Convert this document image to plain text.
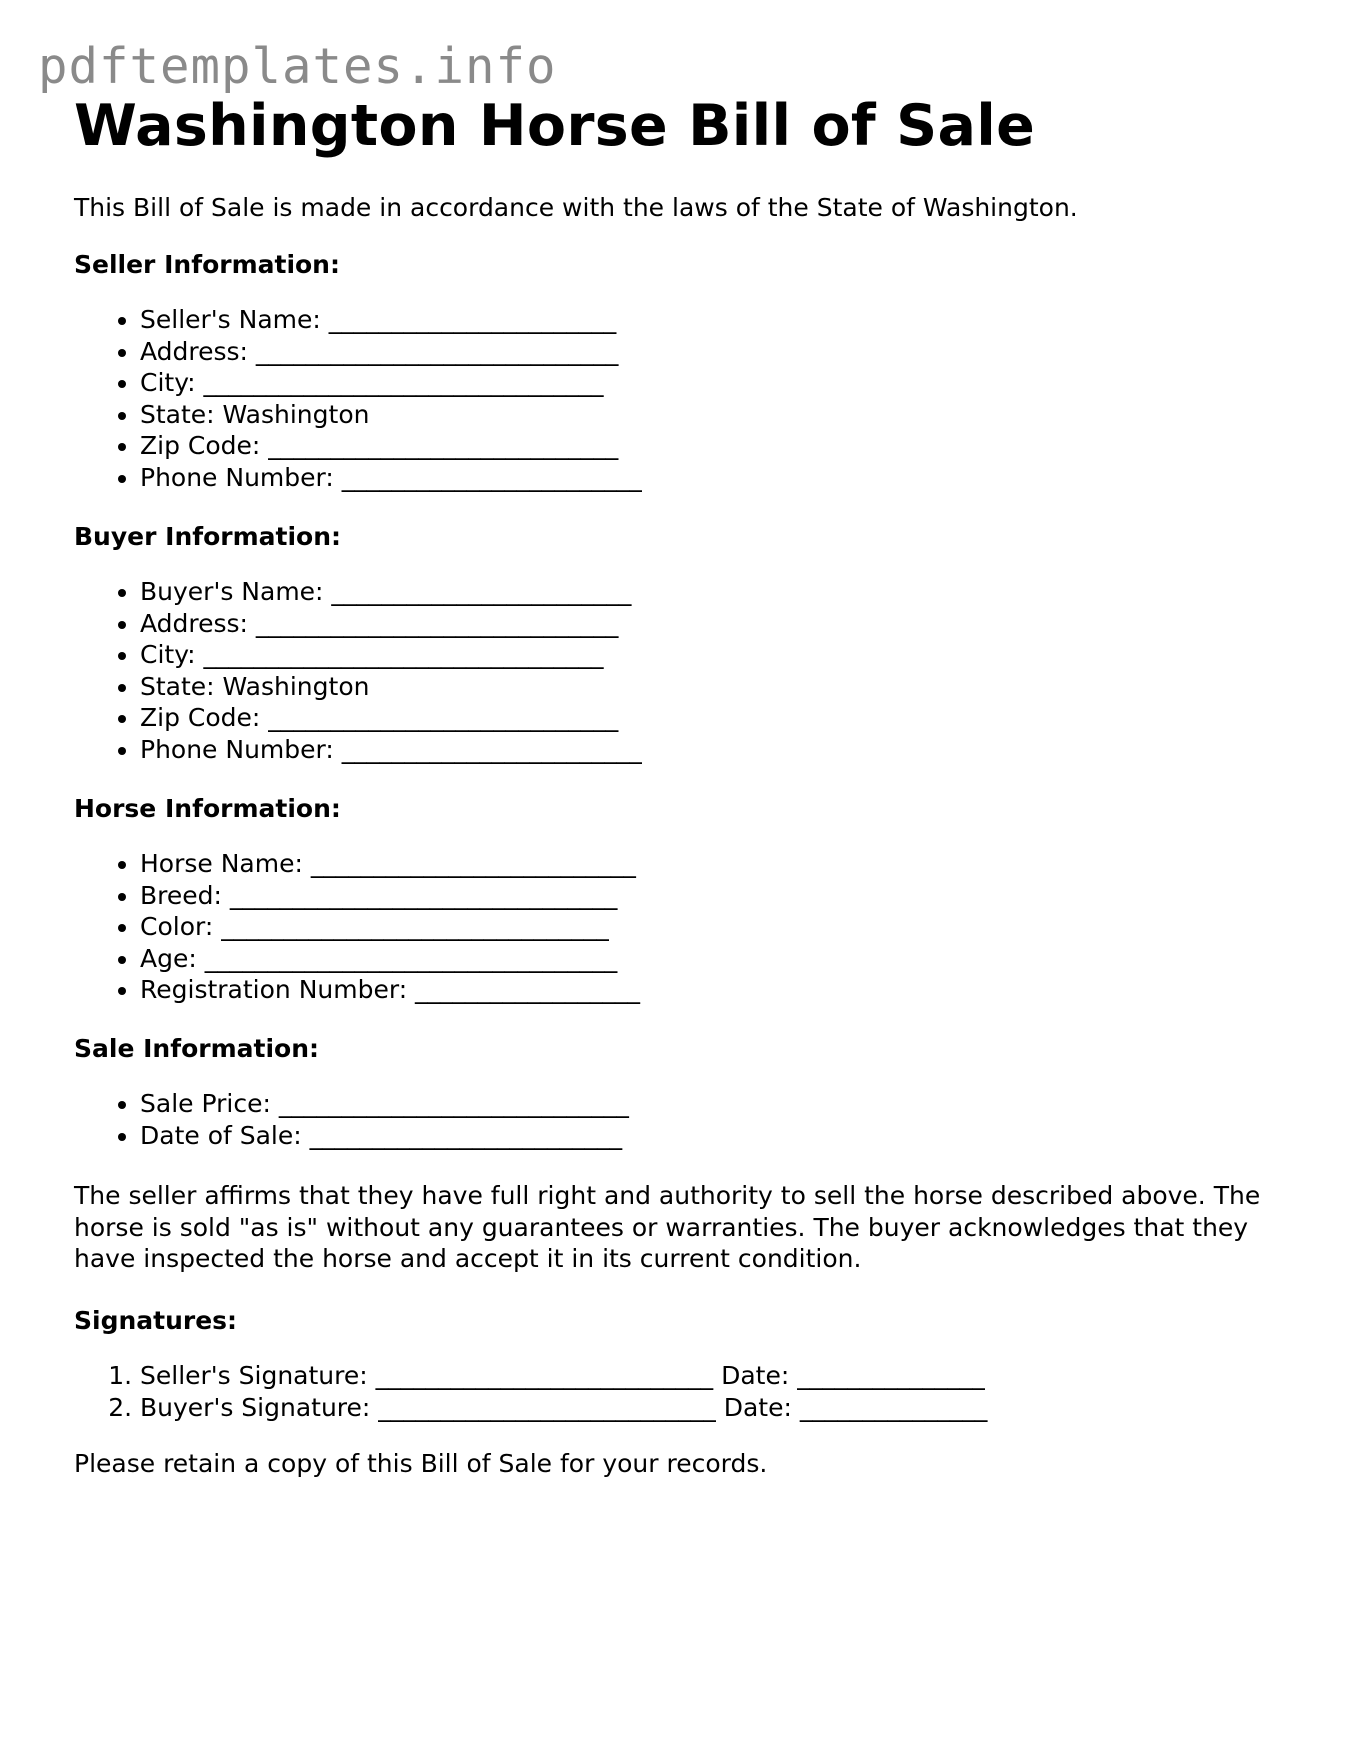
pdftemplates.info
Washington Horse Bill of Sale

This Bill of Sale is made in accordance with the laws of the State of Washington.

Seller Information:

• Seller's Name: _______________________
• Address: _____________________________
• City: ________________________________
• State: Washington
• Zip Code: ____________________________
• Phone Number: ________________________

Buyer Information:

• Buyer's Name: ________________________
• Address: _____________________________
• City: ________________________________
• State: Washington
• Zip Code: ____________________________
• Phone Number: ________________________

Horse Information:

• Horse Name: __________________________
• Breed: _______________________________
• Color: _______________________________
• Age: _________________________________
• Registration Number: __________________

Sale Information:

• Sale Price: ____________________________
• Date of Sale: _________________________

The seller affirms that they have full right and authority to sell the horse described above. The horse is sold "as is" without any guarantees or warranties. The buyer acknowledges that they have inspected the horse and accept it in its current condition.

Signatures:

1. Seller's Signature: ___________________________ Date: _______________
2. Buyer's Signature: ___________________________ Date: _______________

Please retain a copy of this Bill of Sale for your records.
